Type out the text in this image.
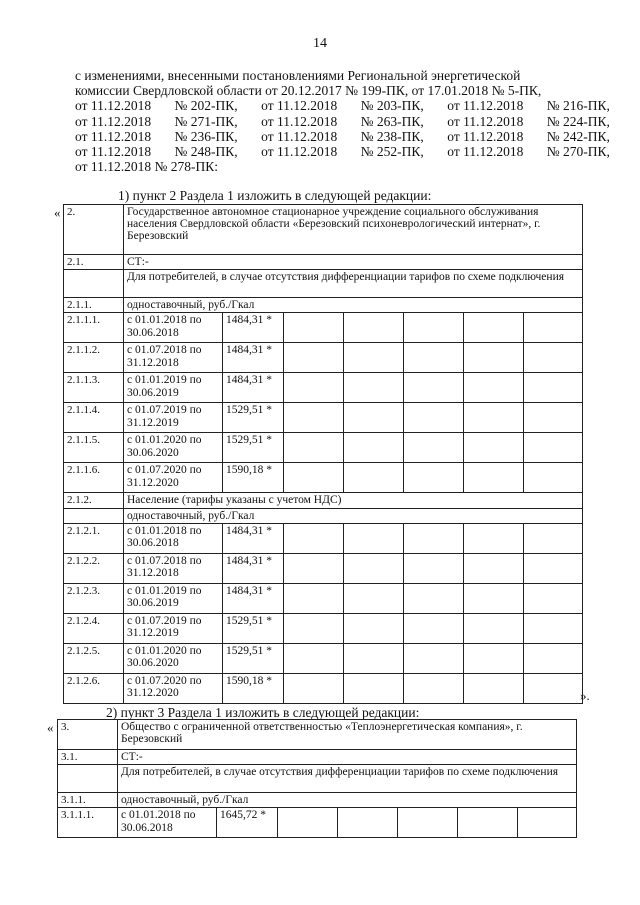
14
с изменениями, внесенными постановлениями Региональной энергетической
комиссии Свердловской области от 20.12.2017 № 199-ПК, от 17.01.2018 № 5-ПК,
от 11.12.2018 № 202-ПК, от 11.12.2018 № 203-ПК, от 11.12.2018 № 216-ПК,
от 11.12.2018 № 271-ПК, от 11.12.2018 № 263-ПК, от 11.12.2018 № 224-ПК,
от 11.12.2018 № 236-ПК, от 11.12.2018 № 238-ПК, от 11.12.2018 № 242-ПК,
от 11.12.2018 № 248-ПК, от 11.12.2018 № 252-ПК, от 11.12.2018 № 270-ПК,
от 11.12.2018 № 278-ПК:
1) пункт 2 Раздела 1 изложить в следующей редакции:
« 2.	Государственное автономное стационарное учреждение социального обслуживания населения Свердловской области «Березовский психоневрологический интернат», г. Березовский						
2.1.	СТ:-						
	Для потребителей, в случае отсутствия дифференциации тарифов по схеме подключения						
2.1.1.	одноставочный, руб./Гкал						
2.1.1.1.	с 01.01.2018 по 30.06.2018	1484,31 *					
2.1.1.2.	с 01.07.2018 по 31.12.2018	1484,31 *					
2.1.1.3.	с 01.01.2019 по 30.06.2019	1484,31 *					
2.1.1.4.	с 01.07.2019 по 31.12.2019	1529,51 *					
2.1.1.5.	с 01.01.2020 по 30.06.2020	1529,51 *					
2.1.1.6.	с 01.07.2020 по 31.12.2020	1590,18 *					
2.1.2.	Население (тарифы указаны с учетом НДС)						
	одноставочный, руб./Гкал						
2.1.2.1.	с 01.01.2018 по 30.06.2018	1484,31 *					
2.1.2.2.	с 01.07.2018 по 31.12.2018	1484,31 *					
2.1.2.3.	с 01.01.2019 по 30.06.2019	1484,31 *					
2.1.2.4.	с 01.07.2019 по 31.12.2019	1529,51 *					
2.1.2.5.	с 01.01.2020 по 30.06.2020	1529,51 *					
2.1.2.6.	с 01.07.2020 по 31.12.2020	1590,18 *					
».
2) пункт 3 Раздела 1 изложить в следующей редакции:
« 3.	Общество с ограниченной ответственностью «Теплоэнергетическая компания», г. Березовский						
3.1.	СТ:-						
	Для потребителей, в случае отсутствия дифференциации тарифов по схеме подключения						
3.1.1.	одноставочный, руб./Гкал						
3.1.1.1.	с 01.01.2018 по 30.06.2018	1645,72 *					
